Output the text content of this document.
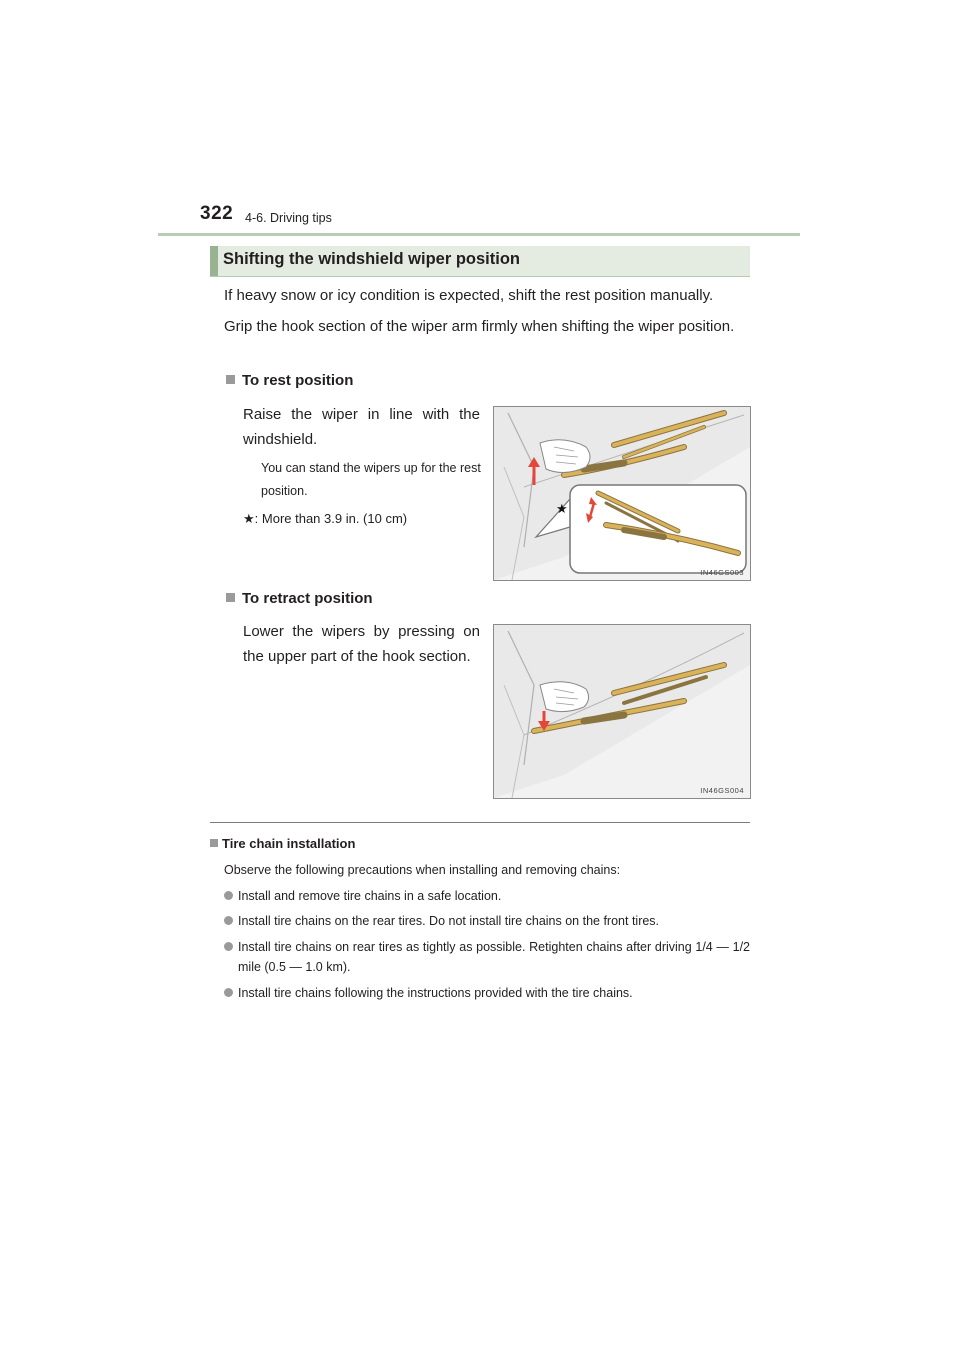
322 4-6. Driving tips
Shifting the windshield wiper position
If heavy snow or icy condition is expected, shift the rest position manually.
Grip the hook section of the wiper arm firmly when shifting the wiper position.
To rest position
Raise the wiper in line with the windshield.
You can stand the wipers up for the rest position.
★: More than 3.9 in. (10 cm)
★
IN46GS003
To retract position
Lower the wipers by pressing on the upper part of the hook section.
IN46GS004
Tire chain installation
Observe the following precautions when installing and removing chains:
Install and remove tire chains in a safe location.
Install tire chains on the rear tires. Do not install tire chains on the front tires.
Install tire chains on rear tires as tightly as possible. Retighten chains after driving 1/4 — 1/2 mile (0.5 — 1.0 km).
Install tire chains following the instructions provided with the tire chains.
